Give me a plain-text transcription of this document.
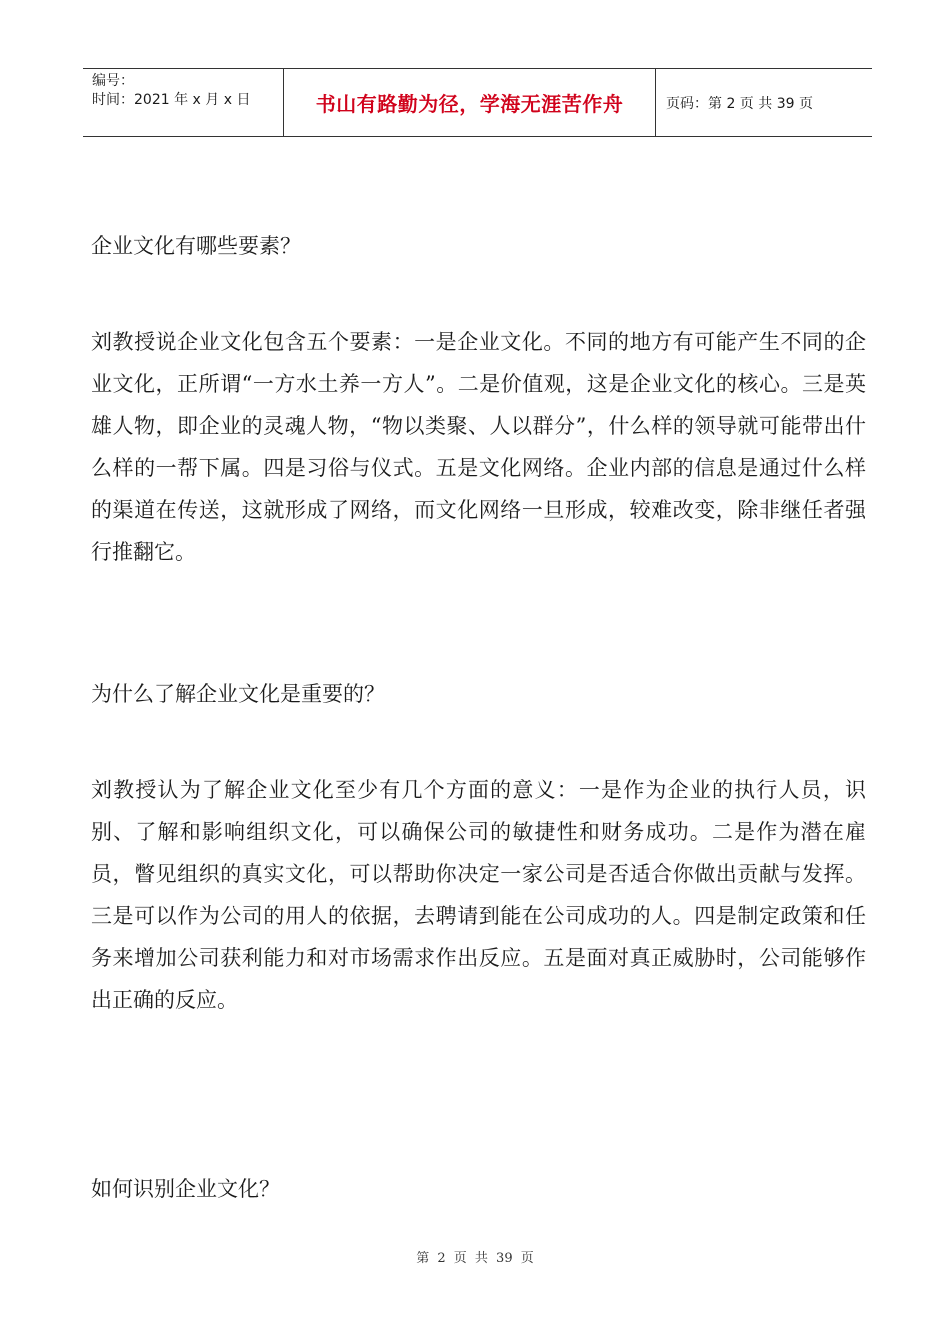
编号：
时间：2021 年 x 月 x 日	书山有路勤为径，学海无涯苦作舟	页码：第 2 页 共 39 页

企业文化有哪些要素？

刘教授说企业文化包含五个要素：一是企业文化。不同的地方有可能产生不同的企业文化，正所谓“一方水土养一方人”。二是价值观，这是企业文化的核心。三是英雄人物，即企业的灵魂人物，“物以类聚、人以群分”，什么样的领导就可能带出什么样的一帮下属。四是习俗与仪式。五是文化网络。企业内部的信息是通过什么样的渠道在传送，这就形成了网络，而文化网络一旦形成，较难改变，除非继任者强行推翻它。

为什么了解企业文化是重要的？

刘教授认为了解企业文化至少有几个方面的意义：一是作为企业的执行人员，识别、了解和影响组织文化，可以确保公司的敏捷性和财务成功。二是作为潜在雇员，瞥见组织的真实文化，可以帮助你决定一家公司是否适合你做出贡献与发挥。三是可以作为公司的用人的依据，去聘请到能在公司成功的人。四是制定政策和任务来增加公司获利能力和对市场需求作出反应。五是面对真正威胁时，公司能够作出正确的反应。

如何识别企业文化？

第 2 页 共 39 页
